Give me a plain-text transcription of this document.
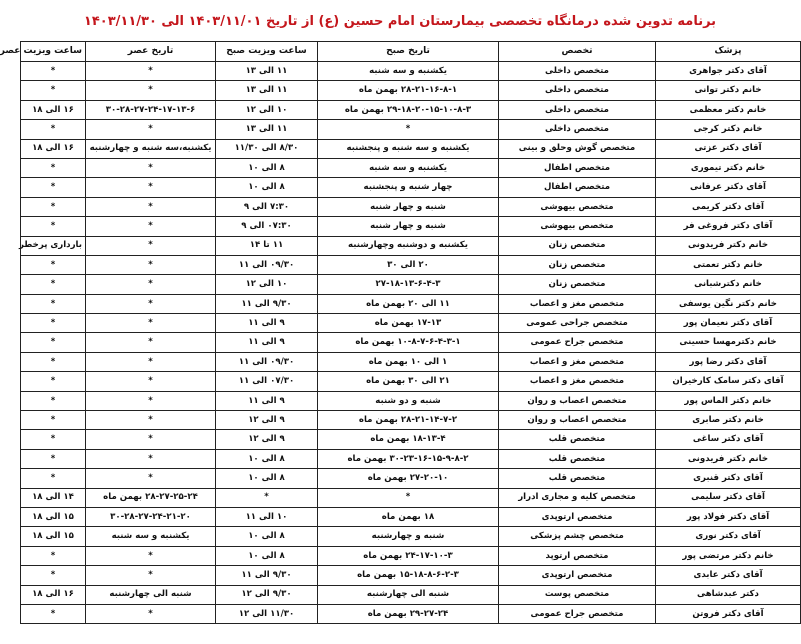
برنامه تدوین شده درمانگاه تخصصی بیمارستان امام حسین (ع) از تاریخ ۱۴۰۳/۱۱/۰۱ الی ۱۴۰۳/۱۱/۳۰
پزشک	تخصص	تاریخ صبح	ساعت ویزیت صبح	تاریخ عصر	ساعت ویزیت عصر
آقای دکتر جواهری	متخصص داخلی	یکشنبه و سه شنبه	۱۱ الی ۱۳	*	*
خانم دکتر توانی	متخصص داخلی	۲۸-۲۱-۱۶-۸-۱ بهمن ماه	۱۱ الی ۱۳	*	*
خانم دکتر معظمی	متخصص داخلی	۲۹-۱۸-۲۰-۱۵-۱۰-۸-۳ بهمن ماه	۱۰ الی ۱۲	۳۰-۲۸-۲۷-۲۴-۱۷-۱۳-۶	۱۶ الی ۱۸
خانم دکتر کرجی	متخصص داخلی	*	۱۱ الی ۱۳	*	*
آقای دکتر عزتی	متخصص گوش وحلق و بینی	یکشنبه و سه شنبه و پنجشنبه	۸/۳۰ الی ۱۱/۳۰	یکشنبه،سه شنبه و چهارشنبه	۱۶ الی ۱۸
خانم دکتر تیموری	متخصص اطفال	یکشنبه و سه شنبه	۸ الی ۱۰	*	*
آقای دکتر عرفانی	متخصص اطفال	چهار شنبه و پنجشنبه	۸ الی ۱۰	*	*
آقای دکتر کریمی	متخصص بیهوشی	شنبه و چهار شنبه	۷:۳۰ الی ۹	*	*
آقای دکتر فروغی فر	متخصص بیهوشی	شنبه و چهار شنبه	۰۷:۳۰ الی ۹	*	*
خانم دکتر فریدونی	متخصص زنان	یکشنبه و دوشنبه وچهارشنبه	۱۱ تا ۱۴	*	بارداری پرخطر
خانم دکتر تعمتی	متخصص زنان	۲۰ الی ۳۰	۰۹/۳۰ الی ۱۱	*	*
خانم دکترشبانی	متخصص زنان	۲۷-۱۸-۱۳-۶-۴-۳	۱۰ الی ۱۲	*	*
خانم دکتر نگین یوسفی	متخصص مغز و اعصاب	۱۱ الی ۲۰ بهمن ماه	۹/۳۰ الی ۱۱	*	*
آقای دکتر نعیمان پور	متخصص جراحی عمومی	۱۷-۱۳ بهمن ماه	۹ الی ۱۱	*	*
خانم دکترمهسا حسینی	متخصص جراح عمومی	۱۰-۸-۷-۶-۴-۳-۱ بهمن ماه	۹ الی ۱۱	*	*
آقای دکتر رضا پور	متخصص مغز و اعصاب	۱ الی ۱۰ بهمن ماه	۰۹/۳۰ الی ۱۱	*	*
آقای دکتر سامک کارخیران	متخصص مغز و اعصاب	۲۱ الی ۳۰ بهمن ماه	۰۷/۳۰ الی ۱۱	*	*
خانم دکتر الماس پور	متخصص اعصاب و روان	شنبه و دو شنبه	۹ الی ۱۱	*	*
خانم دکتر صابری	متخصص اعصاب و روان	۲۸-۲۱-۱۴-۷-۲ بهمن ماه	۹ الی ۱۲	*	*
آقای دکتر ساغی	متخصص قلب	۱۸-۱۳-۴ بهمن ماه	۹ الی ۱۲	*	*
خانم دکتر فریدونی	متخصص قلب	۳۰-۲۳-۱۶-۱۵-۹-۸-۲ بهمن ماه	۸ الی ۱۰	*	*
آقای دکتر قنبری	متخصص قلب	۲۷-۲۰-۱۰ بهمن ماه	۸ الی ۱۰	*	*
آقای دکتر سلیمی	متخصص کلیه و مجاری ادرار	*	*	۲۸-۲۷-۲۵-۲۴ بهمن ماه	۱۴ الی ۱۸
آقای دکتر فولاد پور	متخصص ارتوپدی	۱۸ بهمن ماه	۱۰ الی ۱۱	۳۰-۲۸-۲۷-۲۴-۲۱-۲۰	۱۵ الی ۱۸
آقای دکتر نوری	متخصص چشم پزشکی	شنبه و چهارشنبه	۸ الی ۱۰	یکشنبه و سه شنبه	۱۵ الی ۱۸
خانم دکتر مرتضی پور	متخصص ارتوپد	۲۴-۱۷-۱۰-۳ بهمن ماه	۸ الی ۱۰	*	*
آقای دکتر عابدی	متخصص ارتوپدی	۱۵-۱۸-۸-۶-۲-۳ بهمن ماه	۹/۳۰ الی ۱۱	*	*
دکتر عبدشاهی	متخصص پوست	شنبه الی چهارشنبه	۹/۳۰ الی ۱۲	شنبه الی چهارشنبه	۱۶ الی ۱۸
آقای دکتر فروتن	متخصص جراح عمومی	۲۹-۲۷-۲۴ بهمن ماه	۱۱/۳۰ الی ۱۲	*	*
